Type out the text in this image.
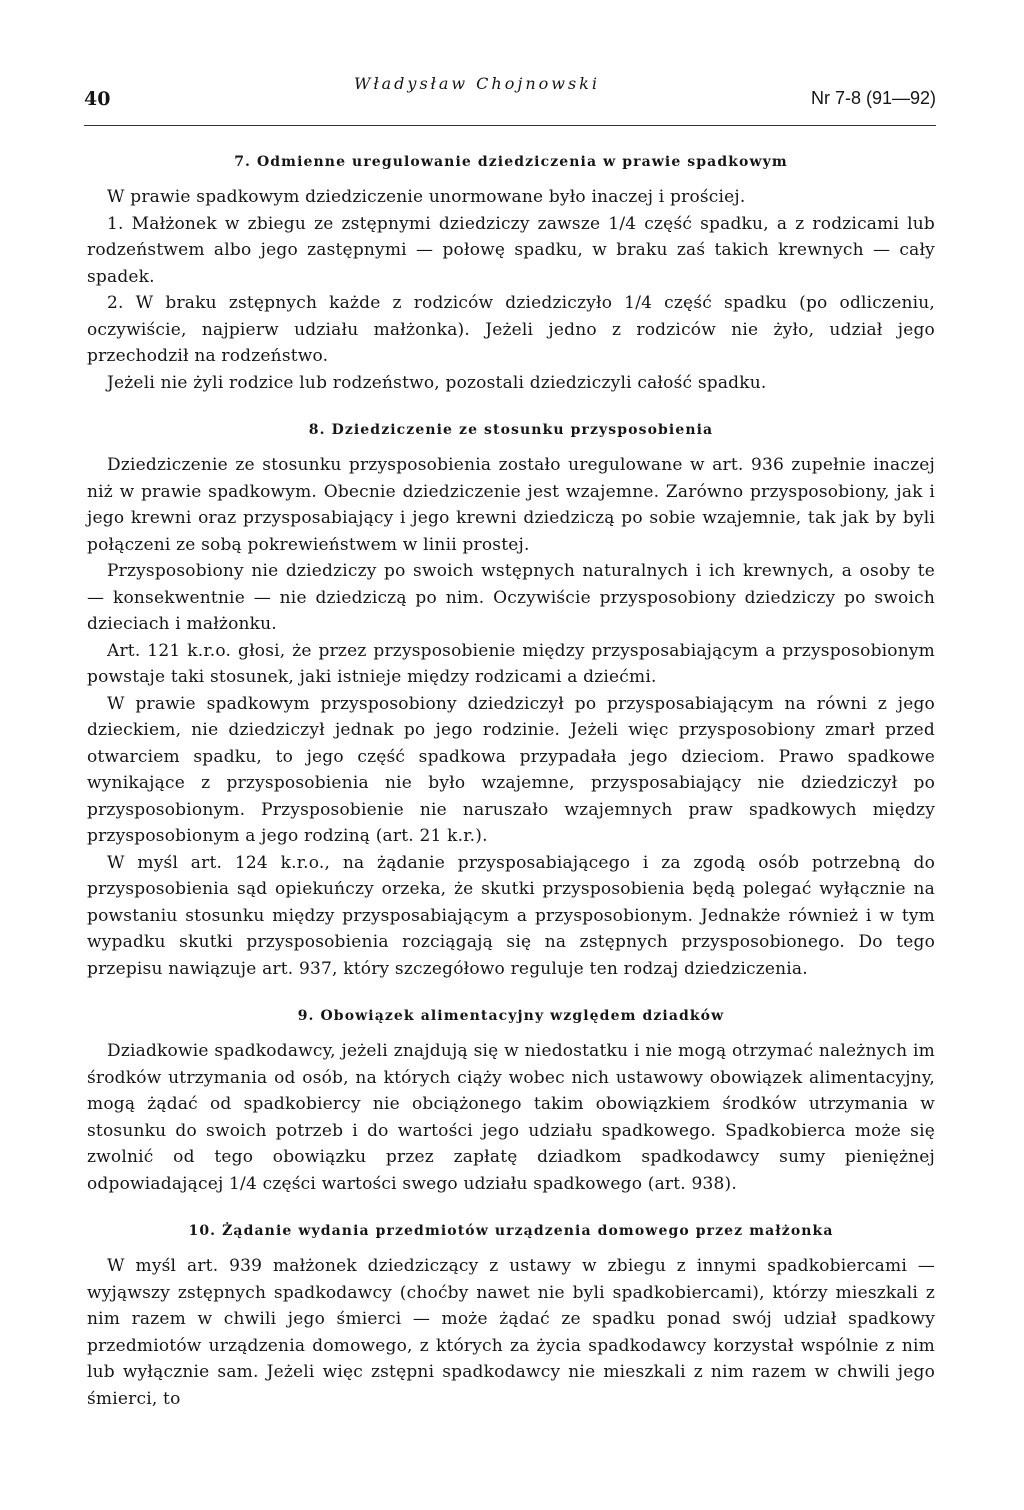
40
Władysław Chojnowski
Nr 7-8 (91—92)
7. Odmienne uregulowanie dziedziczenia w prawie spadkowym

W prawie spadkowym dziedziczenie unormowane było inaczej i prościej.

1. Małżonek w zbiegu ze zstępnymi dziedziczy zawsze 1/4 część spadku, a z rodzicami lub rodzeństwem albo jego zastępnymi — połowę spadku, w braku zaś takich krewnych — cały spadek.

2. W braku zstępnych każde z rodziców dziedziczyło 1/4 część spadku (po odliczeniu, oczywiście, najpierw udziału małżonka). Jeżeli jedno z rodziców nie żyło, udział jego przechodził na rodzeństwo.

Jeżeli nie żyli rodzice lub rodzeństwo, pozostali dziedziczyli całość spadku.

8. Dziedziczenie ze stosunku przysposobienia

Dziedziczenie ze stosunku przysposobienia zostało uregulowane w art. 936 zupełnie inaczej niż w prawie spadkowym. Obecnie dziedziczenie jest wzajemne. Zarówno przysposobiony, jak i jego krewni oraz przysposabiający i jego krewni dziedziczą po sobie wzajemnie, tak jak by byli połączeni ze sobą pokrewieństwem w linii prostej.

Przysposobiony nie dziedziczy po swoich wstępnych naturalnych i ich krewnych, a osoby te — konsekwentnie — nie dziedziczą po nim. Oczywiście przysposobiony dziedziczy po swoich dzieciach i małżonku.

Art. 121 k.r.o. głosi, że przez przysposobienie między przysposabiającym a przysposobionym powstaje taki stosunek, jaki istnieje między rodzicami a dziećmi.

W prawie spadkowym przysposobiony dziedziczył po przysposabiającym na równi z jego dzieckiem, nie dziedziczył jednak po jego rodzinie. Jeżeli więc przysposobiony zmarł przed otwarciem spadku, to jego część spadkowa przypadała jego dzieciom. Prawo spadkowe wynikające z przysposobienia nie było wzajemne, przysposabiający nie dziedziczył po przysposobionym. Przysposobienie nie naruszało wzajemnych praw spadkowych między przysposobionym a jego rodziną (art. 21 k.r.).

W myśl art. 124 k.r.o., na żądanie przysposabiającego i za zgodą osób potrzebną do przysposobienia sąd opiekuńczy orzeka, że skutki przysposobienia będą polegać wyłącznie na powstaniu stosunku między przysposabiającym a przysposobionym. Jednakże również i w tym wypadku skutki przysposobienia rozciągają się na zstępnych przysposobionego. Do tego przepisu nawiązuje art. 937, który szczegółowo reguluje ten rodzaj dziedziczenia.

9. Obowiązek alimentacyjny względem dziadków

Dziadkowie spadkodawcy, jeżeli znajdują się w niedostatku i nie mogą otrzymać należnych im środków utrzymania od osób, na których ciąży wobec nich ustawowy obowiązek alimentacyjny, mogą żądać od spadkobiercy nie obciążonego takim obowiązkiem środków utrzymania w stosunku do swoich potrzeb i do wartości jego udziału spadkowego. Spadkobierca może się zwolnić od tego obowiązku przez zapłatę dziadkom spadkodawcy sumy pieniężnej odpowiadającej 1/4 części wartości swego udziału spadkowego (art. 938).

10. Żądanie wydania przedmiotów urządzenia domowego przez małżonka

W myśl art. 939 małżonek dziedziczący z ustawy w zbiegu z innymi spadkobiercami — wyjąwszy zstępnych spadkodawcy (choćby nawet nie byli spadkobiercami), którzy mieszkali z nim razem w chwili jego śmierci — może żądać ze spadku ponad swój udział spadkowy przedmiotów urządzenia domowego, z których za życia spadkodawcy korzystał wspólnie z nim lub wyłącznie sam. Jeżeli więc zstępni spadkodawcy nie mieszkali z nim razem w chwili jego śmierci, to
